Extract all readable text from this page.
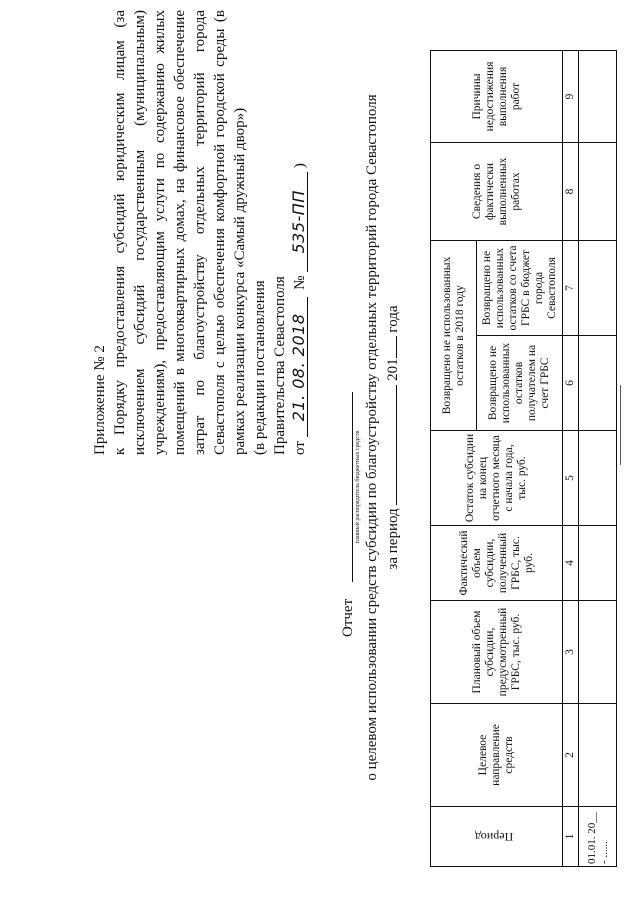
Приложение № 2 к Порядку предоставления субсидий юридическим лицам (за исключением субсидий государственным (муниципальным) учреждениям), предоставляющим услуги по содержанию жилых помещений в многоквартирных домах, на финансовое обеспечение затрат по благоустройству отдельных территорий города Севастополя с целью обеспечения комфортной городской среды (в рамках реализации конкурса «Самый дружный двор») (в редакции постановления Правительства Севастополя от 21. 08. 2018  № 535-ПП )
Отчет
главный распорядитель бюджетных средств о целевом использовании средств субсидии по благоустройству отдельных территорий города Севастополя за период  201 года
Период	Целевое направление средств	Плановый объем субсидии, предусмотренный ГРБС, тыс. руб.	Фактический объем субсидии, полученный ГРБС, тыс. руб.	Остаток субсидии на конец отчетного месяца с начала года, тыс. руб.	Возвращено не использованных остатков в 2018 году		Сведения о фактически выполненных работах	Причины недостижения выполнения работ
					Возвращено не использованных остатков получателем на счет ГРБС	Возвращено не использованных остатков со счета ГРБС в бюджет города Севастополя		
1	2	3	4	5	6	7	8	9
01.01. 20__ - ......								
